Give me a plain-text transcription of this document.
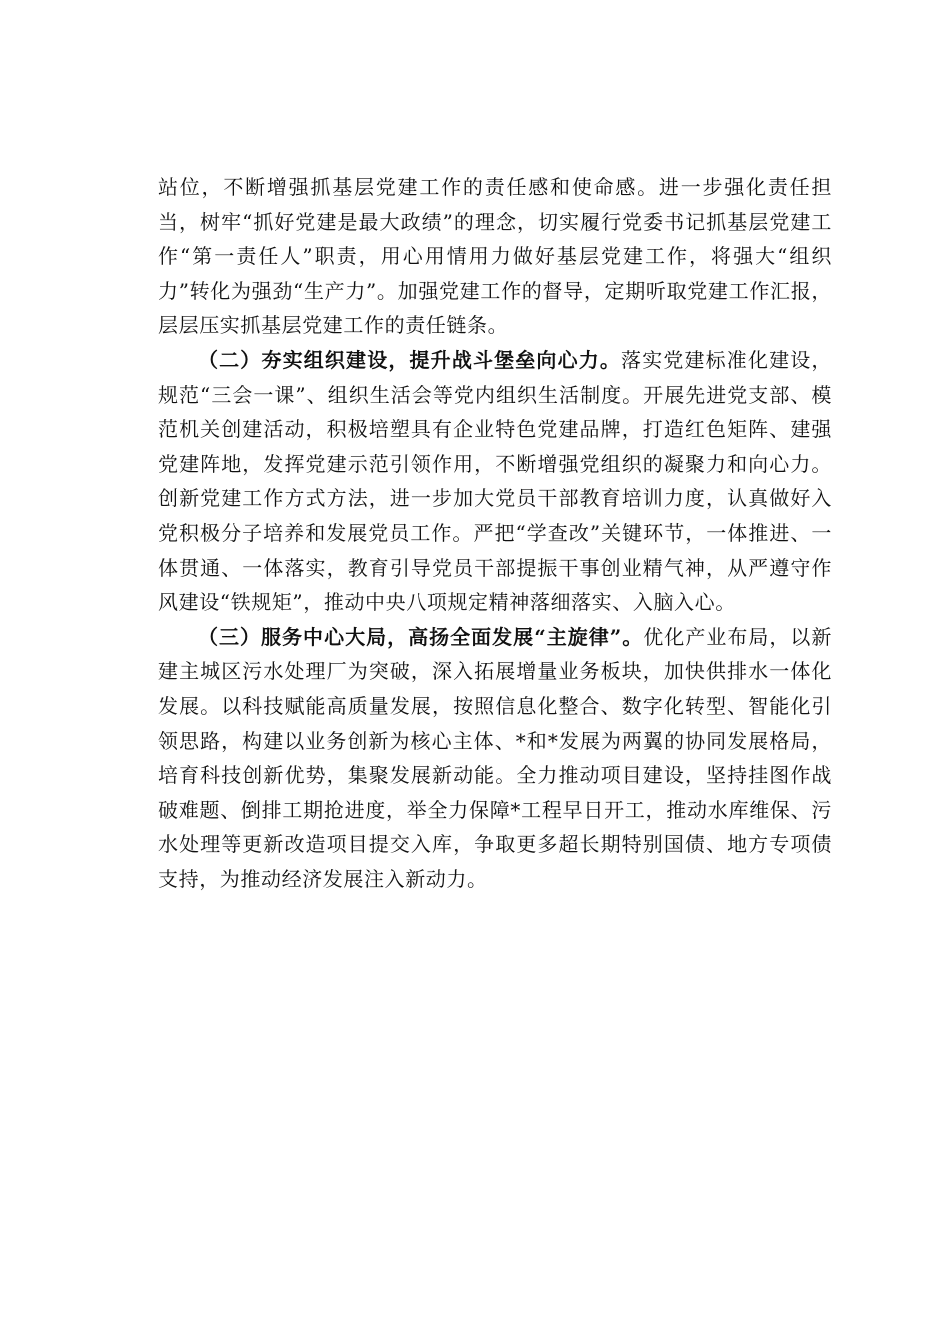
站位，不断增强抓基层党建工作的责任感和使命感。进一步强化责任担当，树牢“抓好党建是最大政绩”的理念，切实履行党委书记抓基层党建工作“第一责任人”职责，用心用情用力做好基层党建工作，将强大“组织力”转化为强劲“生产力”。加强党建工作的督导，定期听取党建工作汇报，层层压实抓基层党建工作的责任链条。

（二）夯实组织建设，提升战斗堡垒向心力。落实党建标准化建设，规范“三会一课”、组织生活会等党内组织生活制度。开展先进党支部、模范机关创建活动，积极培塑具有企业特色党建品牌，打造红色矩阵、建强党建阵地，发挥党建示范引领作用，不断增强党组织的凝聚力和向心力。创新党建工作方式方法，进一步加大党员干部教育培训力度，认真做好入党积极分子培养和发展党员工作。严把“学查改”关键环节，一体推进、一体贯通、一体落实，教育引导党员干部提振干事创业精气神，从严遵守作风建设“铁规矩”，推动中央八项规定精神落细落实、入脑入心。

（三）服务中心大局，高扬全面发展“主旋律”。优化产业布局，以新建主城区污水处理厂为突破，深入拓展增量业务板块，加快供排水一体化发展。以科技赋能高质量发展，按照信息化整合、数字化转型、智能化引领思路，构建以业务创新为核心主体、*和*发展为两翼的协同发展格局，培育科技创新优势，集聚发展新动能。全力推动项目建设，坚持挂图作战破难题、倒排工期抢进度，举全力保障*工程早日开工，推动水库维保、污水处理等更新改造项目提交入库，争取更多超长期特别国债、地方专项债支持，为推动经济发展注入新动力。
